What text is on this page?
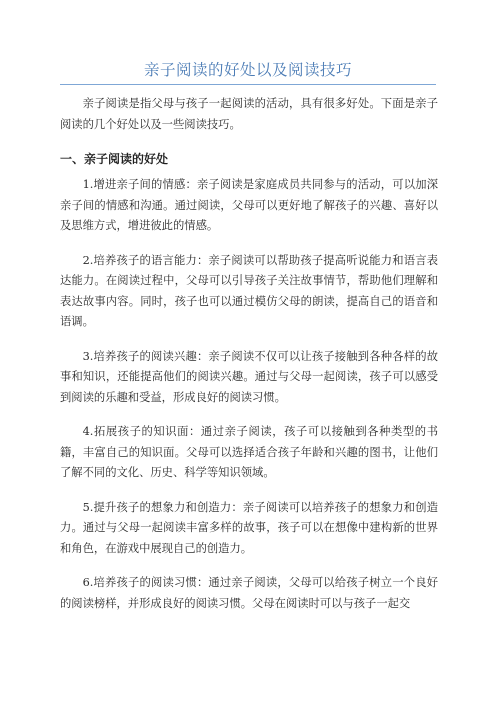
亲子阅读的好处以及阅读技巧

亲子阅读是指父母与孩子一起阅读的活动，具有很多好处。下面是亲子阅读的几个好处以及一些阅读技巧。

一、亲子阅读的好处

1.增进亲子间的情感：亲子阅读是家庭成员共同参与的活动，可以加深亲子间的情感和沟通。通过阅读，父母可以更好地了解孩子的兴趣、喜好以及思维方式，增进彼此的情感。

2.培养孩子的语言能力：亲子阅读可以帮助孩子提高听说能力和语言表达能力。在阅读过程中，父母可以引导孩子关注故事情节，帮助他们理解和表达故事内容。同时，孩子也可以通过模仿父母的朗读，提高自己的语音和语调。

3.培养孩子的阅读兴趣：亲子阅读不仅可以让孩子接触到各种各样的故事和知识，还能提高他们的阅读兴趣。通过与父母一起阅读，孩子可以感受到阅读的乐趣和受益，形成良好的阅读习惯。

4.拓展孩子的知识面：通过亲子阅读，孩子可以接触到各种类型的书籍，丰富自己的知识面。父母可以选择适合孩子年龄和兴趣的图书，让他们了解不同的文化、历史、科学等知识领域。

5.提升孩子的想象力和创造力：亲子阅读可以培养孩子的想象力和创造力。通过与父母一起阅读丰富多样的故事，孩子可以在想像中建构新的世界和角色，在游戏中展现自己的创造力。

6.培养孩子的阅读习惯：通过亲子阅读，父母可以给孩子树立一个良好的阅读榜样，并形成良好的阅读习惯。父母在阅读时可以与孩子一起交
